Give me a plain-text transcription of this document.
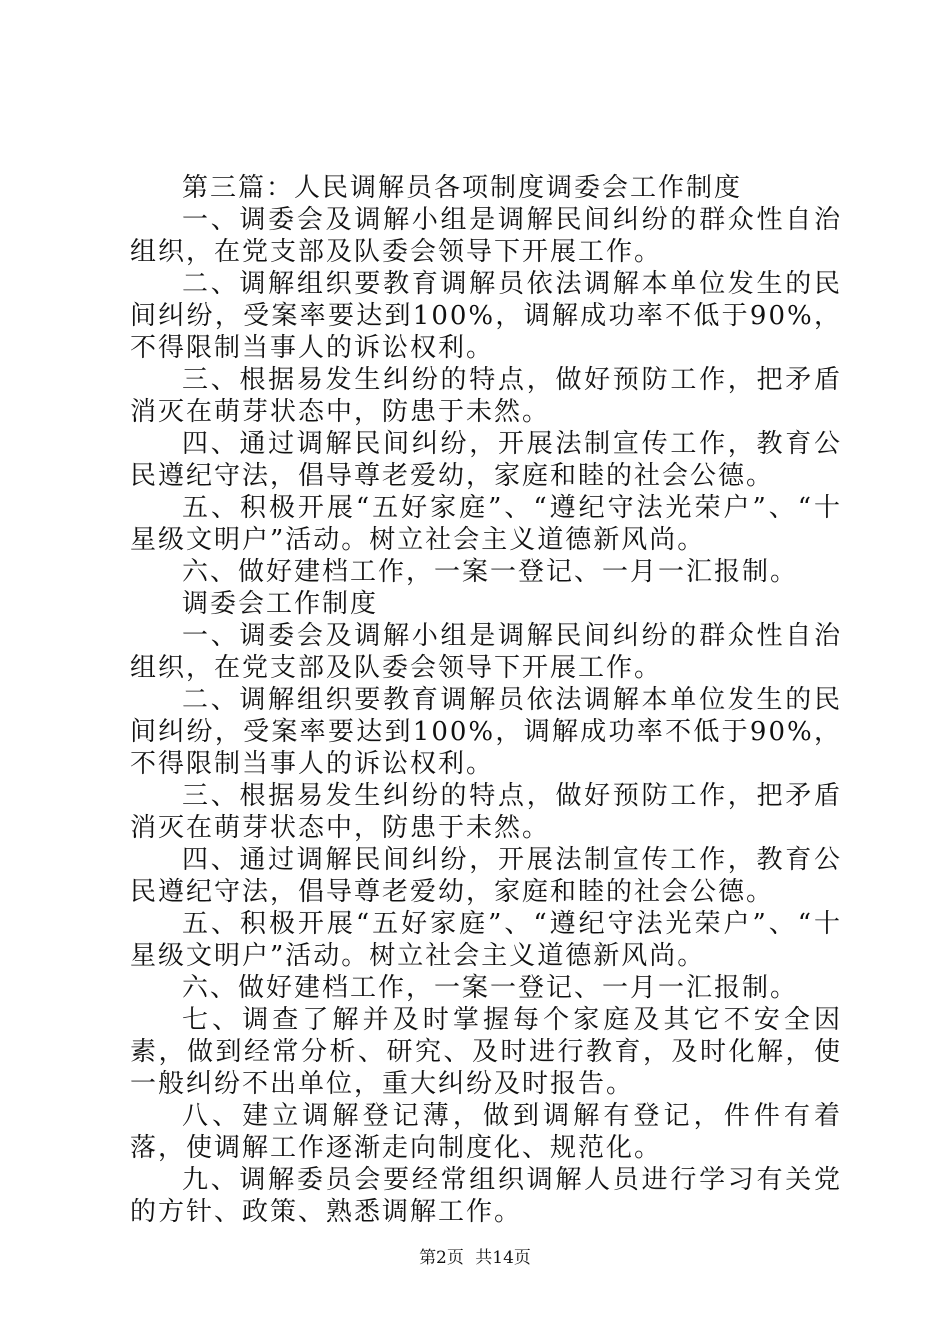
第三篇：人民调解员各项制度调委会工作制度

一、调委会及调解小组是调解民间纠纷的群众性自治组织，在党支部及队委会领导下开展工作。

二、调解组织要教育调解员依法调解本单位发生的民间纠纷，受案率要达到100%，调解成功率不低于90%，不得限制当事人的诉讼权利。

三、根据易发生纠纷的特点，做好预防工作，把矛盾消灭在萌芽状态中，防患于未然。

四、通过调解民间纠纷，开展法制宣传工作，教育公民遵纪守法，倡导尊老爱幼，家庭和睦的社会公德。

五、积极开展“五好家庭”、“遵纪守法光荣户”、“十星级文明户”活动。树立社会主义道德新风尚。

六、做好建档工作，一案一登记、一月一汇报制。

调委会工作制度

一、调委会及调解小组是调解民间纠纷的群众性自治组织，在党支部及队委会领导下开展工作。

二、调解组织要教育调解员依法调解本单位发生的民间纠纷，受案率要达到100%，调解成功率不低于90%，不得限制当事人的诉讼权利。

三、根据易发生纠纷的特点，做好预防工作，把矛盾消灭在萌芽状态中，防患于未然。

四、通过调解民间纠纷，开展法制宣传工作，教育公民遵纪守法，倡导尊老爱幼，家庭和睦的社会公德。

五、积极开展“五好家庭”、“遵纪守法光荣户”、“十星级文明户”活动。树立社会主义道德新风尚。

六、做好建档工作，一案一登记、一月一汇报制。

七、调查了解并及时掌握每个家庭及其它不安全因素，做到经常分析、研究、及时进行教育，及时化解，使一般纠纷不出单位，重大纠纷及时报告。

八、建立调解登记薄，做到调解有登记，件件有着落，使调解工作逐渐走向制度化、规范化。

九、调解委员会要经常组织调解人员进行学习有关党的方针、政策、熟悉调解工作。

第2页 共14页
